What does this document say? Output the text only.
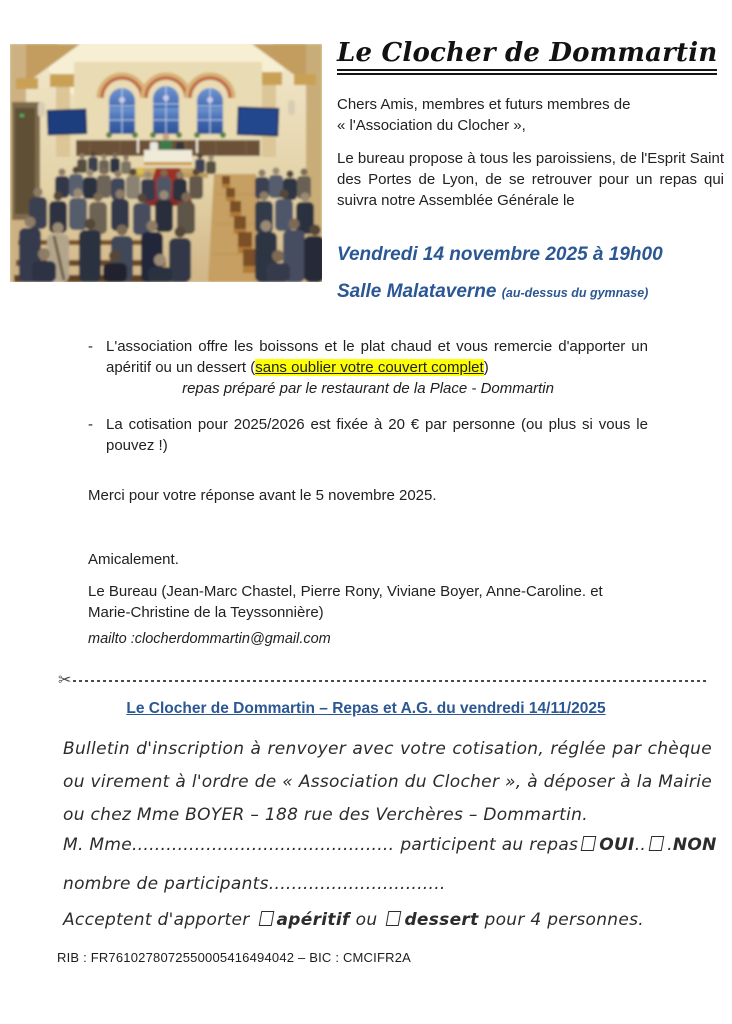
Le Clocher de Dommartin
Chers Amis, membres et futurs membres de « l'Association du Clocher »,
Le bureau propose à tous les paroissiens, de l'Esprit Saint des Portes de Lyon, de se retrouver pour un repas qui suivra notre Assemblée Générale le
Vendredi 14 novembre 2025 à 19h00
Salle Malataverne (au-dessus du gymnase)
- L'association offre les boissons et le plat chaud et vous remercie d'apporter un apéritif ou un dessert (sans oublier votre couvert complet)
repas préparé par le restaurant de la Place - Dommartin
- La cotisation pour 2025/2026 est fixée à 20 € par personne (ou plus si vous le pouvez !)
Merci pour votre réponse avant le 5 novembre 2025.
Amicalement.
Le Bureau (Jean-Marc Chastel, Pierre Rony, Viviane Boyer, Anne-Caroline. et Marie-Christine de la Teyssonnière)
mailto :clocherdommartin@gmail.com
✂
Le Clocher de Dommartin – Repas et A.G. du vendredi 14/11/2025
Bulletin d'inscription à renvoyer avec votre cotisation, réglée par chèque ou virement à l'ordre de « Association du Clocher », à déposer à la Mairie ou chez Mme BOYER – 188 rue des Verchères – Dommartin.
M. Mme.............................................. participent au repas OUI.. .NON
nombre de participants...............................
Acceptent d'apporter apéritif ou dessert pour 4 personnes.
RIB : FR7610278072550005416494042 – BIC : CMCIFR2A
